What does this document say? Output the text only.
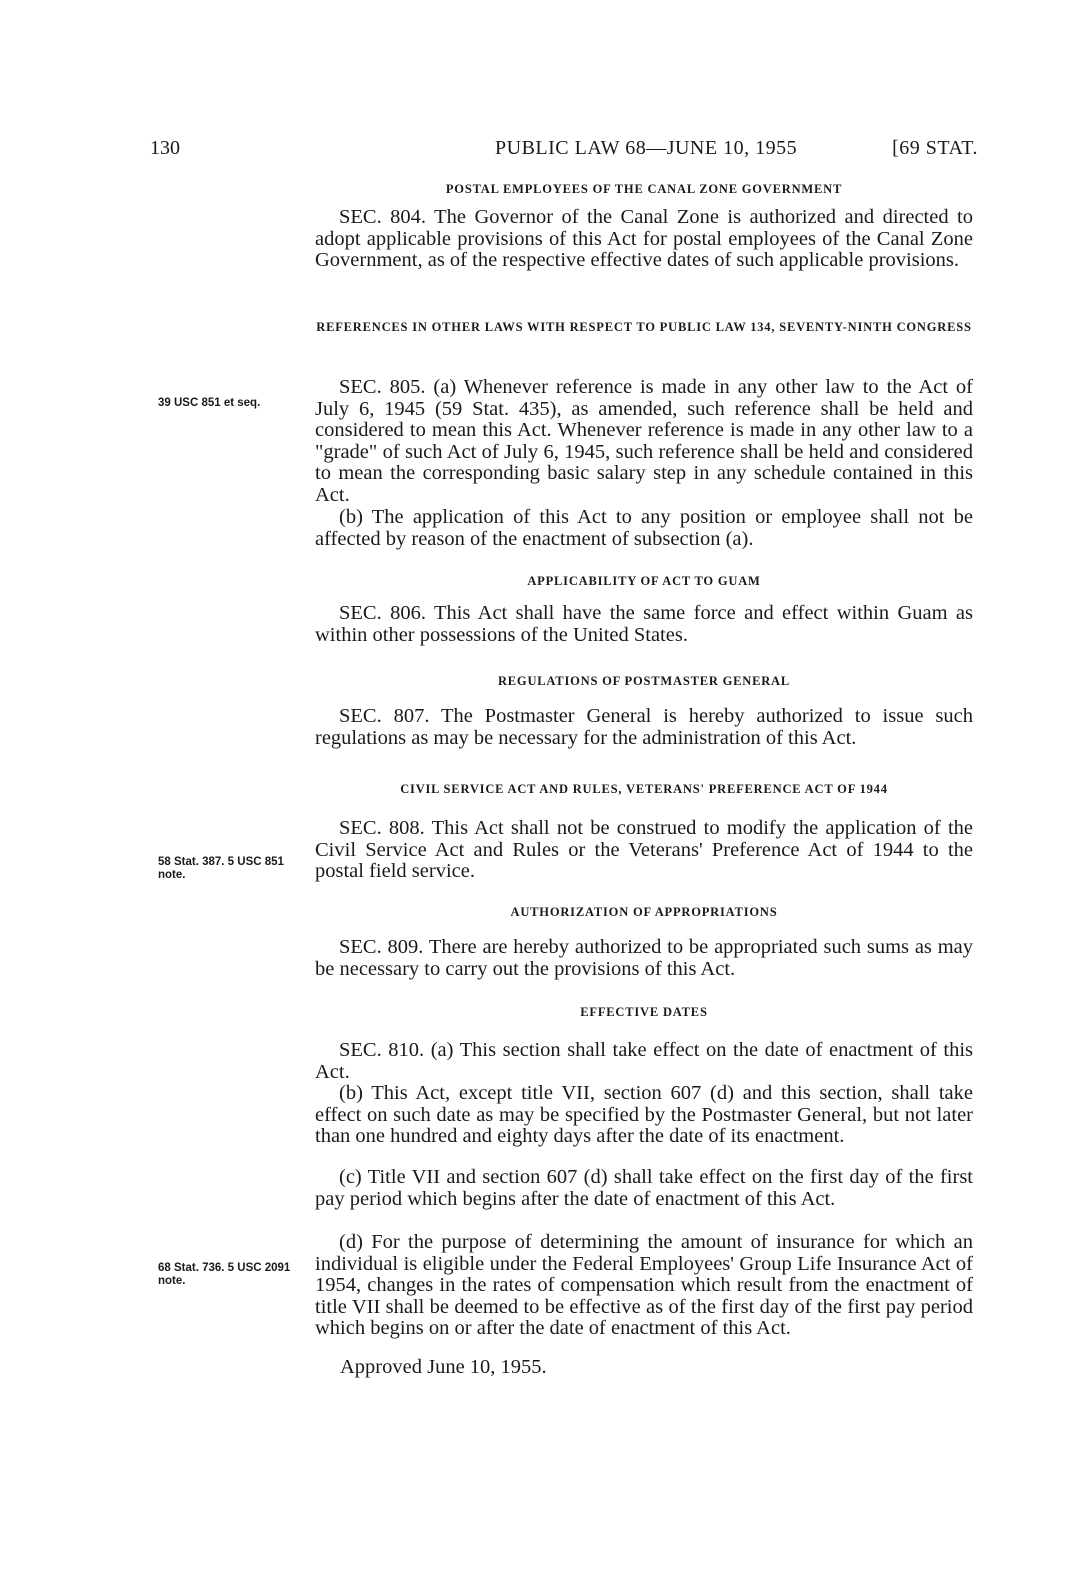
130	PUBLIC LAW 68—JUNE 10, 1955	[69 STAT.
POSTAL EMPLOYEES OF THE CANAL ZONE GOVERNMENT

SEC. 804. The Governor of the Canal Zone is authorized and directed to adopt applicable provisions of this Act for postal employees of the Canal Zone Government, as of the respective effective dates of such applicable provisions.

REFERENCES IN OTHER LAWS WITH RESPECT TO PUBLIC LAW 134, SEVENTY-NINTH CONGRESS

SEC. 805. (a) Whenever reference is made in any other law to the Act of July 6, 1945 (59 Stat. 435), as amended, such reference shall be held and considered to mean this Act. Whenever reference is made in any other law to a "grade" of such Act of July 6, 1945, such reference shall be held and considered to mean the corresponding basic salary step in any schedule contained in this Act.

(b) The application of this Act to any position or employee shall not be affected by reason of the enactment of subsection (a).

39 USC 851 et seq.
APPLICABILITY OF ACT TO GUAM

SEC. 806. This Act shall have the same force and effect within Guam as within other possessions of the United States.

REGULATIONS OF POSTMASTER GENERAL

SEC. 807. The Postmaster General is hereby authorized to issue such regulations as may be necessary for the administration of this Act.

CIVIL SERVICE ACT AND RULES, VETERANS' PREFERENCE ACT OF 1944

SEC. 808. This Act shall not be construed to modify the application of the Civil Service Act and Rules or the Veterans' Preference Act of 1944 to the postal field service.

58 Stat. 387. 5 USC 851 note.
AUTHORIZATION OF APPROPRIATIONS

SEC. 809. There are hereby authorized to be appropriated such sums as may be necessary to carry out the provisions of this Act.

EFFECTIVE DATES

SEC. 810. (a) This section shall take effect on the date of enactment of this Act.

(b) This Act, except title VII, section 607 (d) and this section, shall take effect on such date as may be specified by the Postmaster General, but not later than one hundred and eighty days after the date of its enactment.

(c) Title VII and section 607 (d) shall take effect on the first day of the first pay period which begins after the date of enactment of this Act.

(d) For the purpose of determining the amount of insurance for which an individual is eligible under the Federal Employees' Group Life Insurance Act of 1954, changes in the rates of compensation which result from the enactment of title VII shall be deemed to be effective as of the first day of the first pay period which begins on or after the date of enactment of this Act.

68 Stat. 736. 5 USC 2091 note.
Approved June 10, 1955.
